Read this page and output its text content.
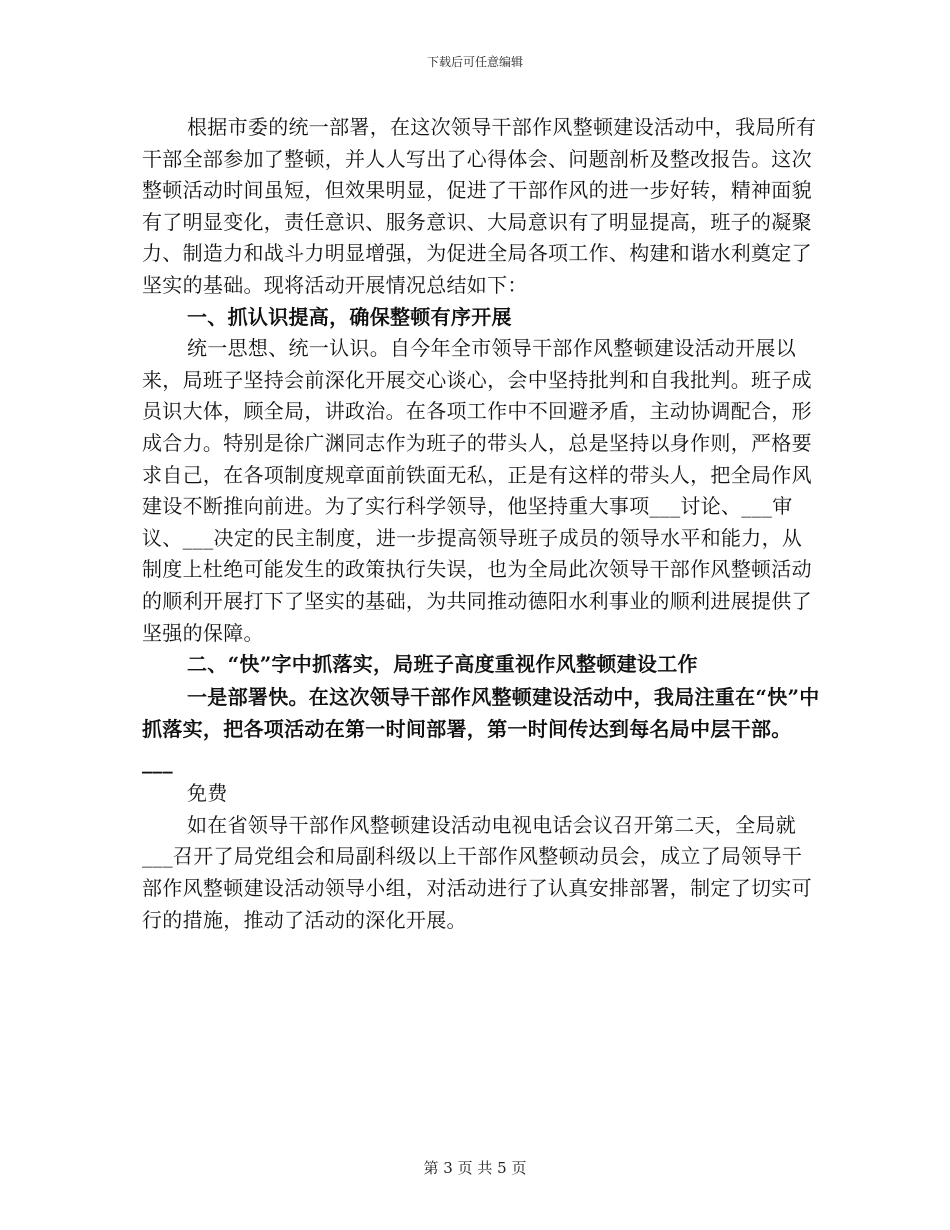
下载后可任意编辑

根据市委的统一部署，在这次领导干部作风整顿建设活动中，我局所有干部全部参加了整顿，并人人写出了心得体会、问题剖析及整改报告。这次整顿活动时间虽短，但效果明显，促进了干部作风的进一步好转，精神面貌有了明显变化，责任意识、服务意识、大局意识有了明显提高，班子的凝聚力、制造力和战斗力明显增强，为促进全局各项工作、构建和谐水利奠定了坚实的基础。现将活动开展情况总结如下：

一、抓认识提高，确保整顿有序开展

统一思想、统一认识。自今年全市领导干部作风整顿建设活动开展以来，局班子坚持会前深化开展交心谈心，会中坚持批判和自我批判。班子成员识大体，顾全局，讲政治。在各项工作中不回避矛盾，主动协调配合，形成合力。特别是徐广渊同志作为班子的带头人，总是坚持以身作则，严格要求自己，在各项制度规章面前铁面无私，正是有这样的带头人，把全局作风建设不断推向前进。为了实行科学领导，他坚持重大事项___讨论、___审议、___决定的民主制度，进一步提高领导班子成员的领导水平和能力，从制度上杜绝可能发生的政策执行失误，也为全局此次领导干部作风整顿活动的顺利开展打下了坚实的基础，为共同推动德阳水利事业的顺利进展提供了坚强的保障。

二、“快”字中抓落实，局班子高度重视作风整顿建设工作

一是部署快。在这次领导干部作风整顿建设活动中，我局注重在“快”中抓落实，把各项活动在第一时间部署，第一时间传达到每名局中层干部。___

免费

如在省领导干部作风整顿建设活动电视电话会议召开第二天，全局就___召开了局党组会和局副科级以上干部作风整顿动员会，成立了局领导干部作风整顿建设活动领导小组，对活动进行了认真安排部署，制定了切实可行的措施，推动了活动的深化开展。

第 3 页 共 5 页
